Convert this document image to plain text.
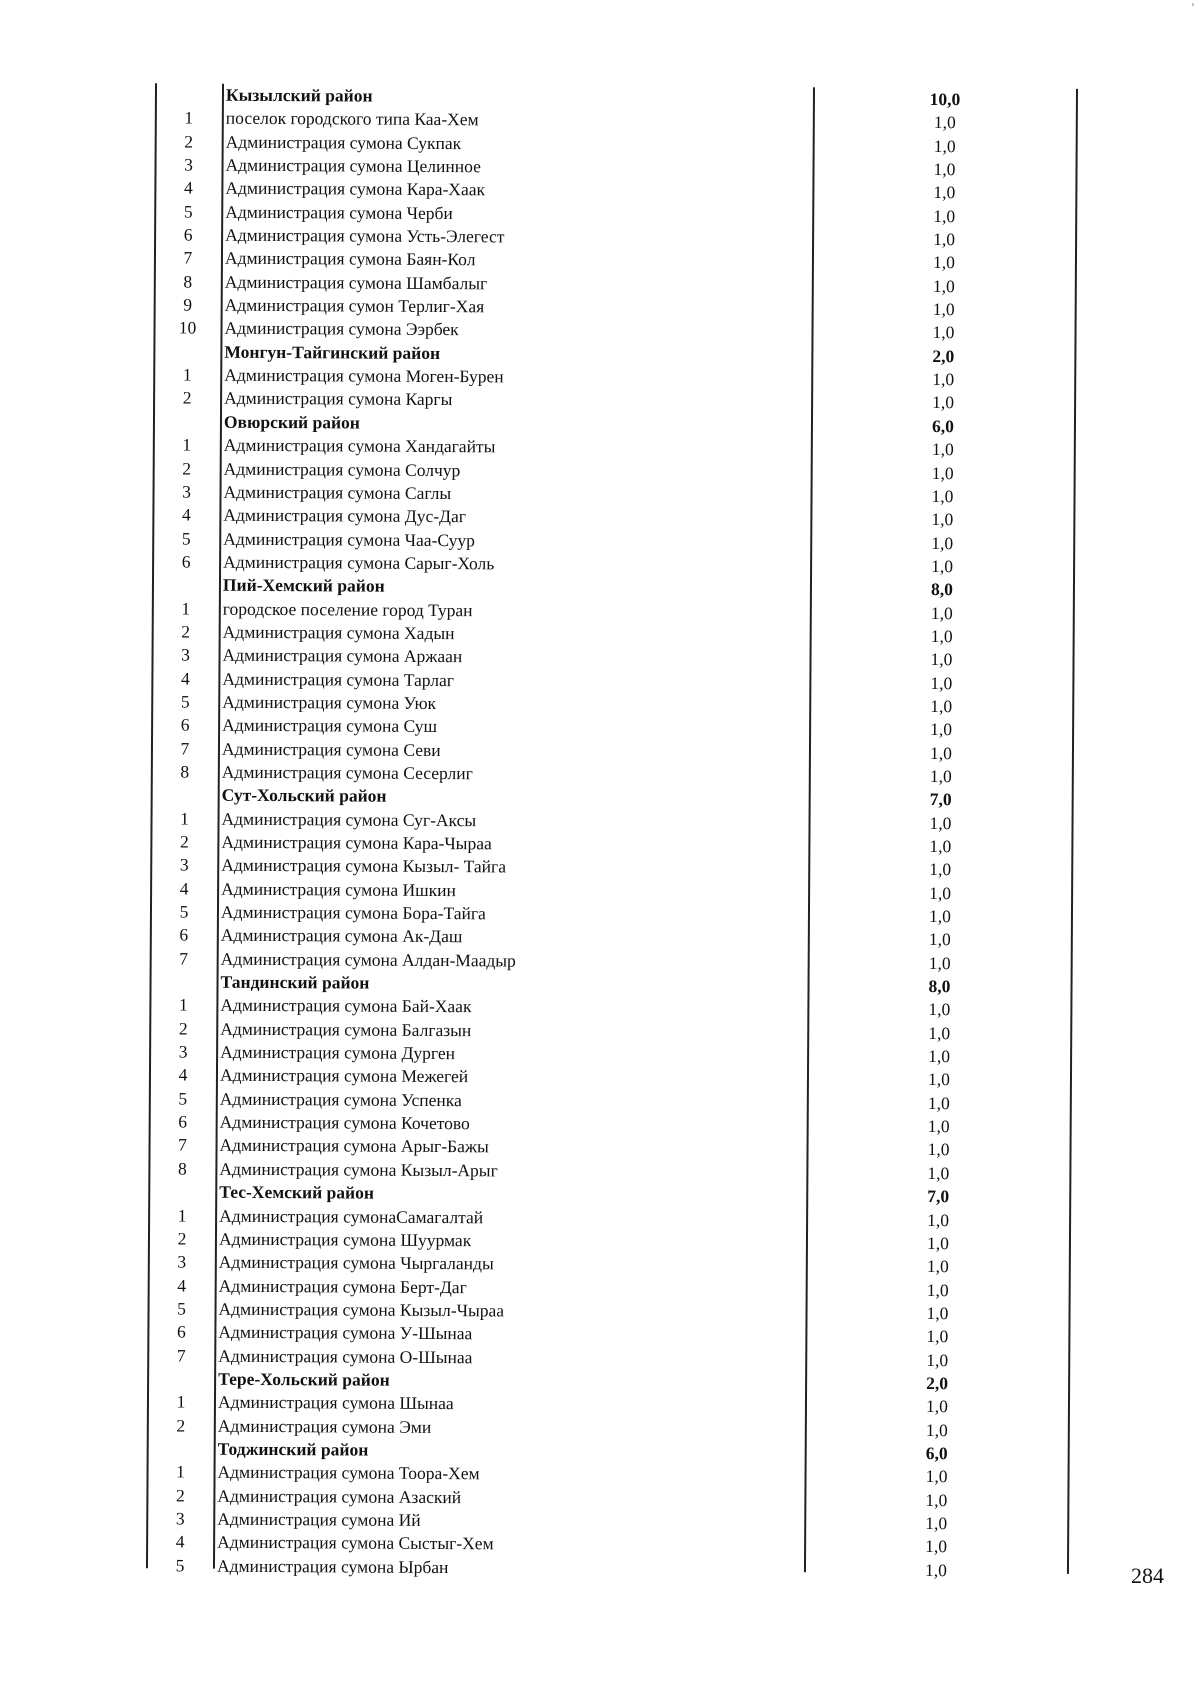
Кызылский район	10,0
1	поселок городского типа Каа-Хем	1,0
2	Администрация сумона Сукпак	1,0
3	Администрация сумона Целинное	1,0
4	Администрация сумона Кара-Хаак	1,0
5	Администрация сумона Черби	1,0
6	Администрация сумона Усть-Элегест	1,0
7	Администрация сумона Баян-Кол	1,0
8	Администрация сумона Шамбалыг	1,0
9	Администрация сумон Терлиг-Хая	1,0
10	Администрация сумона Ээрбек	1,0
Монгун-Тайгинский район	2,0
1	Администрация сумона Моген-Бурен	1,0
2	Администрация сумона Каргы	1,0
Овюрский район	6,0
1	Администрация сумона Хандагайты	1,0
2	Администрация сумона Солчур	1,0
3	Администрация сумона Саглы	1,0
4	Администрация сумона Дус-Даг	1,0
5	Администрация сумона Чаа-Суур	1,0
6	Администрация сумона Сарыг-Холь	1,0
Пий-Хемский район	8,0
1	городское поселение город Туран	1,0
2	Администрация сумона Хадын	1,0
3	Администрация сумона Аржаан	1,0
4	Администрация сумона Тарлаг	1,0
5	Администрация сумона Уюк	1,0
6	Администрация сумона Суш	1,0
7	Администрация сумона Севи	1,0
8	Администрация сумона Сесерлиг	1,0
Сут-Хольский район	7,0
1	Администрация сумона Суг-Аксы	1,0
2	Администрация сумона Кара-Чыраа	1,0
3	Администрация сумона Кызыл- Тайга	1,0
4	Администрация сумона Ишкин	1,0
5	Администрация сумона Бора-Тайга	1,0
6	Администрация сумона Ак-Даш	1,0
7	Администрация сумона Алдан-Маадыр	1,0
Тандинский район	8,0
1	Администрация сумона Бай-Хаак	1,0
2	Администрация сумона Балгазын	1,0
3	Администрация сумона Дурген	1,0
4	Администрация сумона Межегей	1,0
5	Администрация сумона Успенка	1,0
6	Администрация сумона Кочетово	1,0
7	Администрация сумона Арыг-Бажы	1,0
8	Администрация сумона Кызыл-Арыг	1,0
Тес-Хемский район	7,0
1	Администрация сумонаСамагалтай	1,0
2	Администрация сумона Шуурмак	1,0
3	Администрация сумона Чыргаланды	1,0
4	Администрация сумона Берт-Даг	1,0
5	Администрация сумона Кызыл-Чыраа	1,0
6	Администрация сумона У-Шынаа	1,0
7	Администрация сумона О-Шынаа	1,0
Тере-Хольский район	2,0
1	Администрация сумона Шынаа	1,0
2	Администрация сумона Эми	1,0
Тоджинский район	6,0
1	Администрация сумона Тоора-Хем	1,0
2	Администрация сумона Азаский	1,0
3	Администрация сумона Ий	1,0
4	Администрация сумона Сыстыг-Хем	1,0
5	Администрация сумона Ырбан	1,0
'
284
